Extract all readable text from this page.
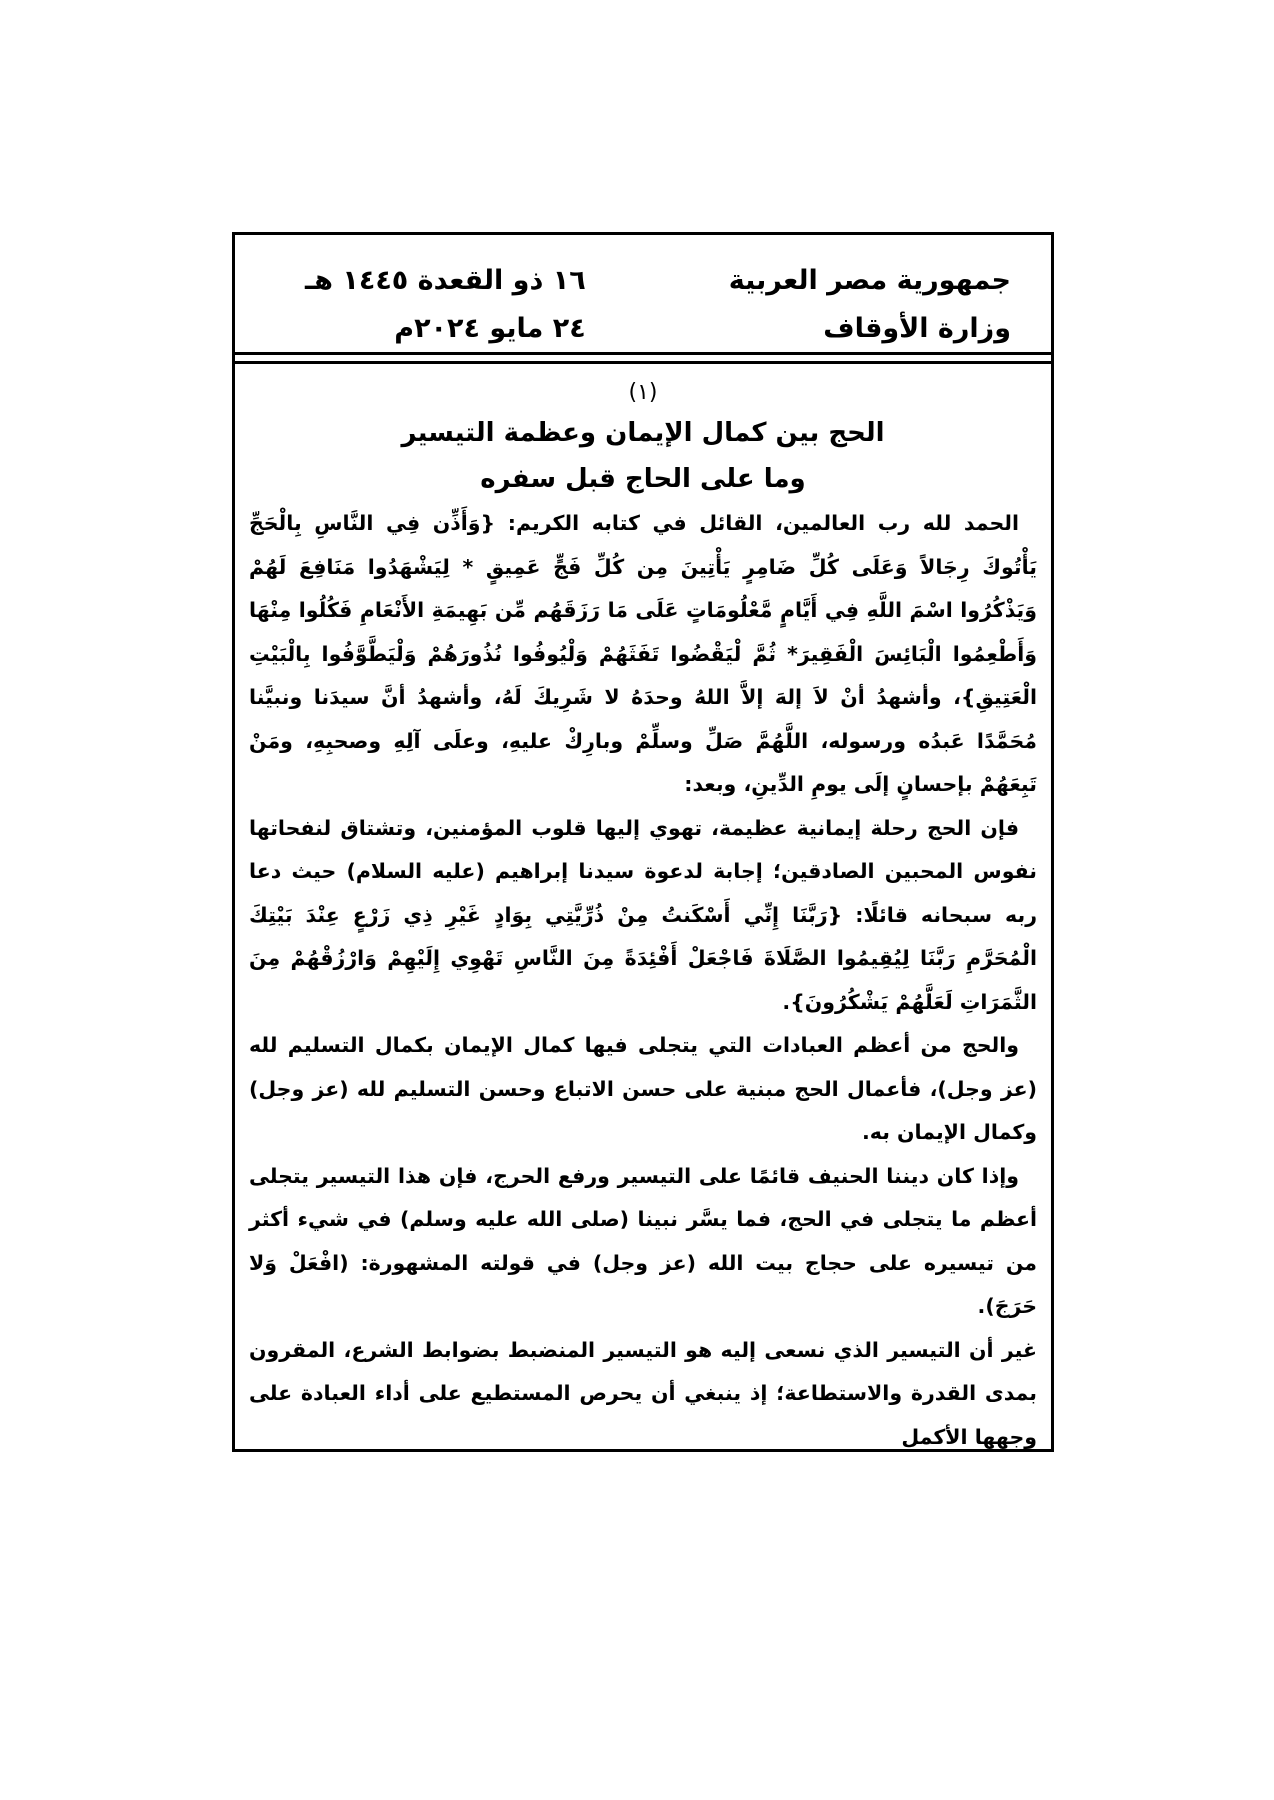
جمهورية مصر العربية
وزارة الأوقاف
١٦ ذو القعدة ١٤٤٥ هـ
٢٤ مايو ٢٠٢٤م
(١)
الحج بين كمال الإيمان وعظمة التيسير
وما على الحاج قبل سفره

الحمد لله رب العالمين، القائل في كتابه الكريم: {وَأَذِّن فِي النَّاسِ بِالْحَجِّ يَأْتُوكَ رِجَالاً وَعَلَى كُلِّ ضَامِرٍ يَأْتِينَ مِن كُلِّ فَجٍّ عَمِيقٍ * لِيَشْهَدُوا مَنَافِعَ لَهُمْ وَيَذْكُرُوا اسْمَ اللَّهِ فِي أَيَّامٍ مَّعْلُومَاتٍ عَلَى مَا رَزَقَهُم مِّن بَهِيمَةِ الأَنْعَامِ فَكُلُوا مِنْهَا وَأَطْعِمُوا الْبَائِسَ الْفَقِيرَ* ثُمَّ لْيَقْضُوا تَفَثَهُمْ وَلْيُوفُوا نُذُورَهُمْ وَلْيَطَّوَّفُوا بِالْبَيْتِ الْعَتِيقِ}، وأشهدُ أنْ لاَ إلهَ إلاَّ اللهُ وحدَهُ لا شَرِيكَ لَهُ، وأشهدُ أنَّ سيدَنا ونبيَّنا مُحَمَّدًا عَبدُه ورسوله، اللَّهُمَّ صَلِّ وسلِّمْ وبارِكْ عليهِ، وعلَى آلِهِ وصحبِهِ، ومَنْ تَبِعَهُمْ بإحسانٍ إلَى يومِ الدِّينِ، وبعد:

فإن الحج رحلة إيمانية عظيمة، تهوي إليها قلوب المؤمنين، وتشتاق لنفحاتها نفوس المحبين الصادقين؛ إجابة لدعوة سيدنا إبراهيم (عليه السلام) حيث دعا ربه سبحانه قائلًا: {رَبَّنَا إِنِّي أَسْكَنتُ مِنْ ذُرِّيَّتِي بِوَادٍ غَيْرِ ذِي زَرْعٍ عِنْدَ بَيْتِكَ الْمُحَرَّمِ رَبَّنَا لِيُقِيمُوا الصَّلَاةَ فَاجْعَلْ أَفْئِدَةً مِنَ النَّاسِ تَهْوِي إِلَيْهِمْ وَارْزُقْهُمْ مِنَ الثَّمَرَاتِ لَعَلَّهُمْ يَشْكُرُونَ}.

والحج من أعظم العبادات التي يتجلى فيها كمال الإيمان بكمال التسليم لله (عز وجل)، فأعمال الحج مبنية على حسن الاتباع وحسن التسليم لله (عز وجل) وكمال الإيمان به.

وإذا كان ديننا الحنيف قائمًا على التيسير ورفع الحرج، فإن هذا التيسير يتجلى أعظم ما يتجلى في الحج، فما يسَّر نبينا (صلى الله عليه وسلم) في شيء أكثر من تيسيره على حجاج بيت الله (عز وجل) في قولته المشهورة: (افْعَلْ وَلا حَرَجَ).

غير أن التيسير الذي نسعى إليه هو التيسير المنضبط بضوابط الشرع، المقرون بمدى القدرة والاستطاعة؛ إذ ينبغي أن يحرص المستطيع على أداء العبادة على وجهها الأكمل
